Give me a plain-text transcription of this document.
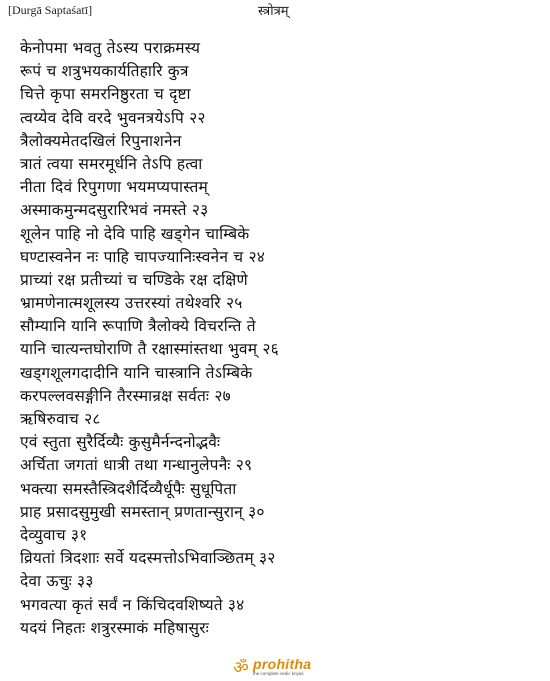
[Durgā Saptaśatī]	स्त्रोत्रम्
केनोपमा भवतु तेऽस्य पराक्रमस्य
रूपं च शत्रुभयकार्यतिहारि कुत्र
चित्ते कृपा समरनिष्ठुरता च दृष्टा
त्वय्येव देवि वरदे भुवनत्रयेऽपि २२
त्रैलोक्यमेतदखिलं रिपुनाशनेन
त्रातं त्वया समरमूर्धनि तेऽपि हत्वा
नीता दिवं रिपुगणा भयमप्यपास्तम्
अस्माकमुन्मदसुरारिभवं नमस्ते २३
शूलेन पाहि नो देवि पाहि खड्गेन चाम्बिके
घण्टास्वनेन नः पाहि चापज्यानिःस्वनेन च २४
प्राच्यां रक्ष प्रतीच्यां च चण्डिके रक्ष दक्षिणे
भ्रामणेनात्मशूलस्य उत्तरस्यां तथेश्वरि २५
सौम्यानि यानि रूपाणि त्रैलोक्ये विचरन्ति ते
यानि चात्यन्तघोराणि तै रक्षास्मांस्तथा भुवम् २६
खड्गशूलगदादीनि यानि चास्त्रानि तेऽम्बिके
करपल्लवसङ्गीनि तैरस्मान्रक्ष सर्वतः २७
ऋषिरुवाच २८
एवं स्तुता सुरैर्दिव्यैः कुसुमैर्नन्दनोद्भवैः
अर्चिता जगतां धात्री तथा गन्धानुलेपनैः २९
भक्त्या समस्तैस्त्रिदशैर्दिव्यैर्धूपैः सुधूपिता
प्राह प्रसादसुमुखी समस्तान् प्रणतान्सुरान् ३०
देव्युवाच ३१
व्रियतां त्रिदशाः सर्वे यदस्मत्तोऽभिवाञ्छितम् ३२
देवा ऊचुः ३३
भगवत्या कृतं सर्वं न किंचिदवशिष्यते ३४
यदयं निहतः शत्रुरस्माकं महिषासुरः
ॐ prohitha
the complete vedic kriyas
